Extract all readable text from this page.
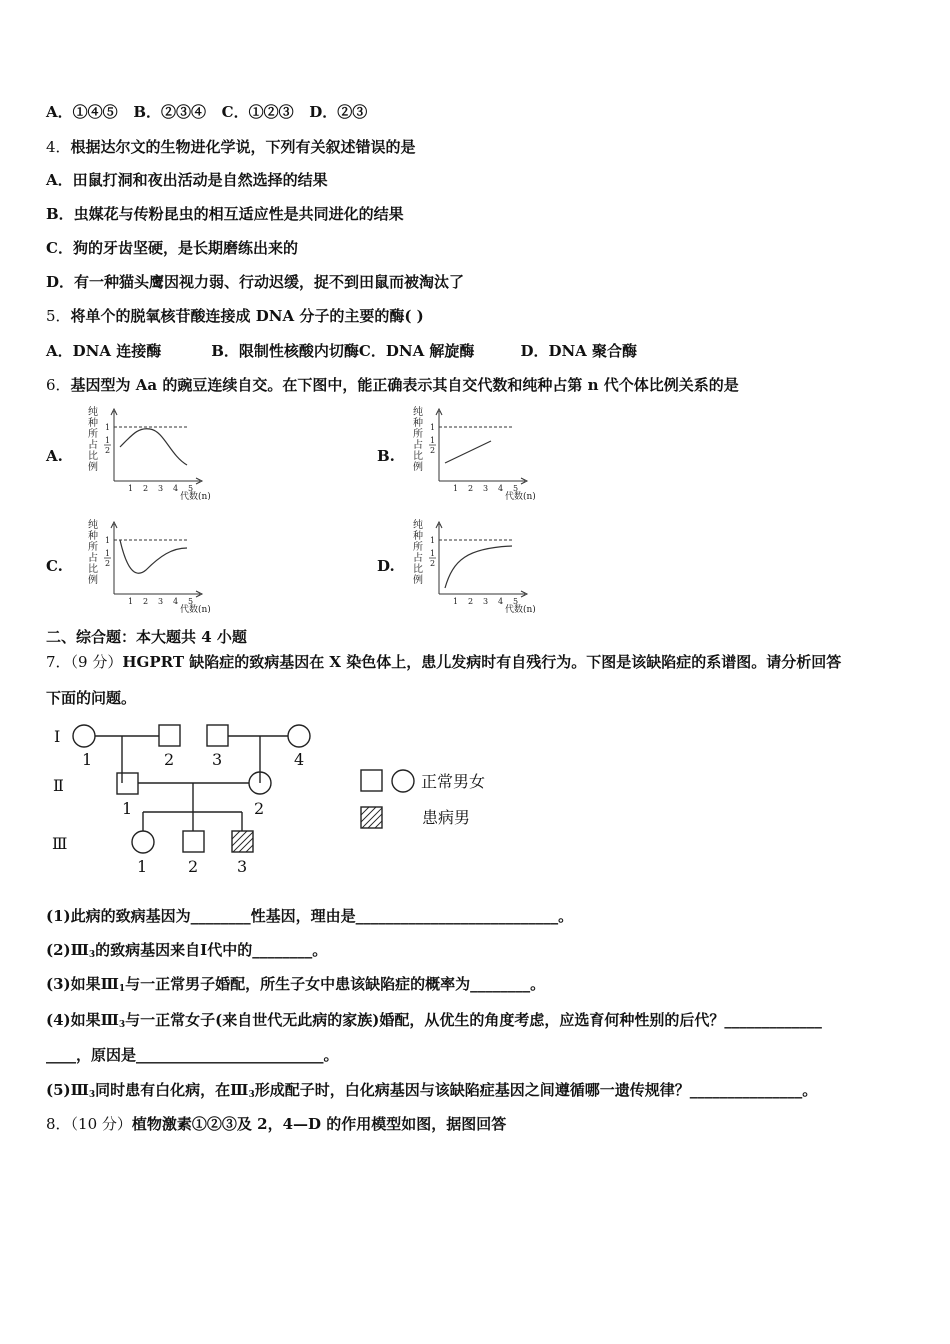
A．①④⑤ B．②③④ C．①②③ D．②③
4．根据达尔文的生物进化学说，下列有关叙述错误的是
A．田鼠打洞和夜出活动是自然选择的结果
B．虫媒花与传粉昆虫的相互适应性是共同进化的结果
C．狗的牙齿坚硬，是长期磨练出来的
D．有一种猫头鹰因视力弱、行动迟缓，捉不到田鼠而被淘汰了
5．将单个的脱氧核苷酸连接成 DNA 分子的主要的酶( )
A．DNA 连接酶	B．限制性核酸内切酶C．DNA 解旋酶	D．DNA 聚合酶
6．基因型为 Aa 的豌豆连续自交。在下图中，能正确表示其自交代数和纯种占第 n 代个体比例关系的是
A.	B.
C.	D.
纯
种
所
占
比
例
1
1
2
1 2 3 4 5
代数(n)
纯
种
所
占
比
例
1
1
2
1 2 3 4 5
代数(n)
纯
种
所
占
比
例
1
1
2
1 2 3 4 5
代数(n)
纯
种
所
占
比
例
1
1
2
1 2 3 4 5
代数(n)
二、综合题：本大题共 4 小题
7．（9 分）HGPRT 缺陷症的致病基因在 X 染色体上，患儿发病时有自残行为。下图是该缺陷症的系谱图。请分析回答
下面的问题。
Ⅰ
Ⅱ
Ⅲ
1	2 3	4
1	2
1	2 3
正常男女
患病男
(1)此病的致病基因为________性基因，理由是___________________________。
$(2)Ⅲ_3$的致病基因来自Ⅰ代中的________。
(3)如果$Ⅲ_1$与一正常男子婚配，所生子女中患该缺陷症的概率为________。
(4)如果$Ⅲ_3$与一正常女子(来自世代无此病的家族)婚配，从优生的角度考虑，应选育何种性别的后代？_____________
____，原因是_________________________。
$(5)Ⅲ_3$同时患有白化病，在$Ⅲ_3$形成配子时，白化病基因与该缺陷症基因之间遵循哪一遗传规律？_______________。
8．（10 分）植物激素①②③及 2，4—D 的作用模型如图，据图回答
